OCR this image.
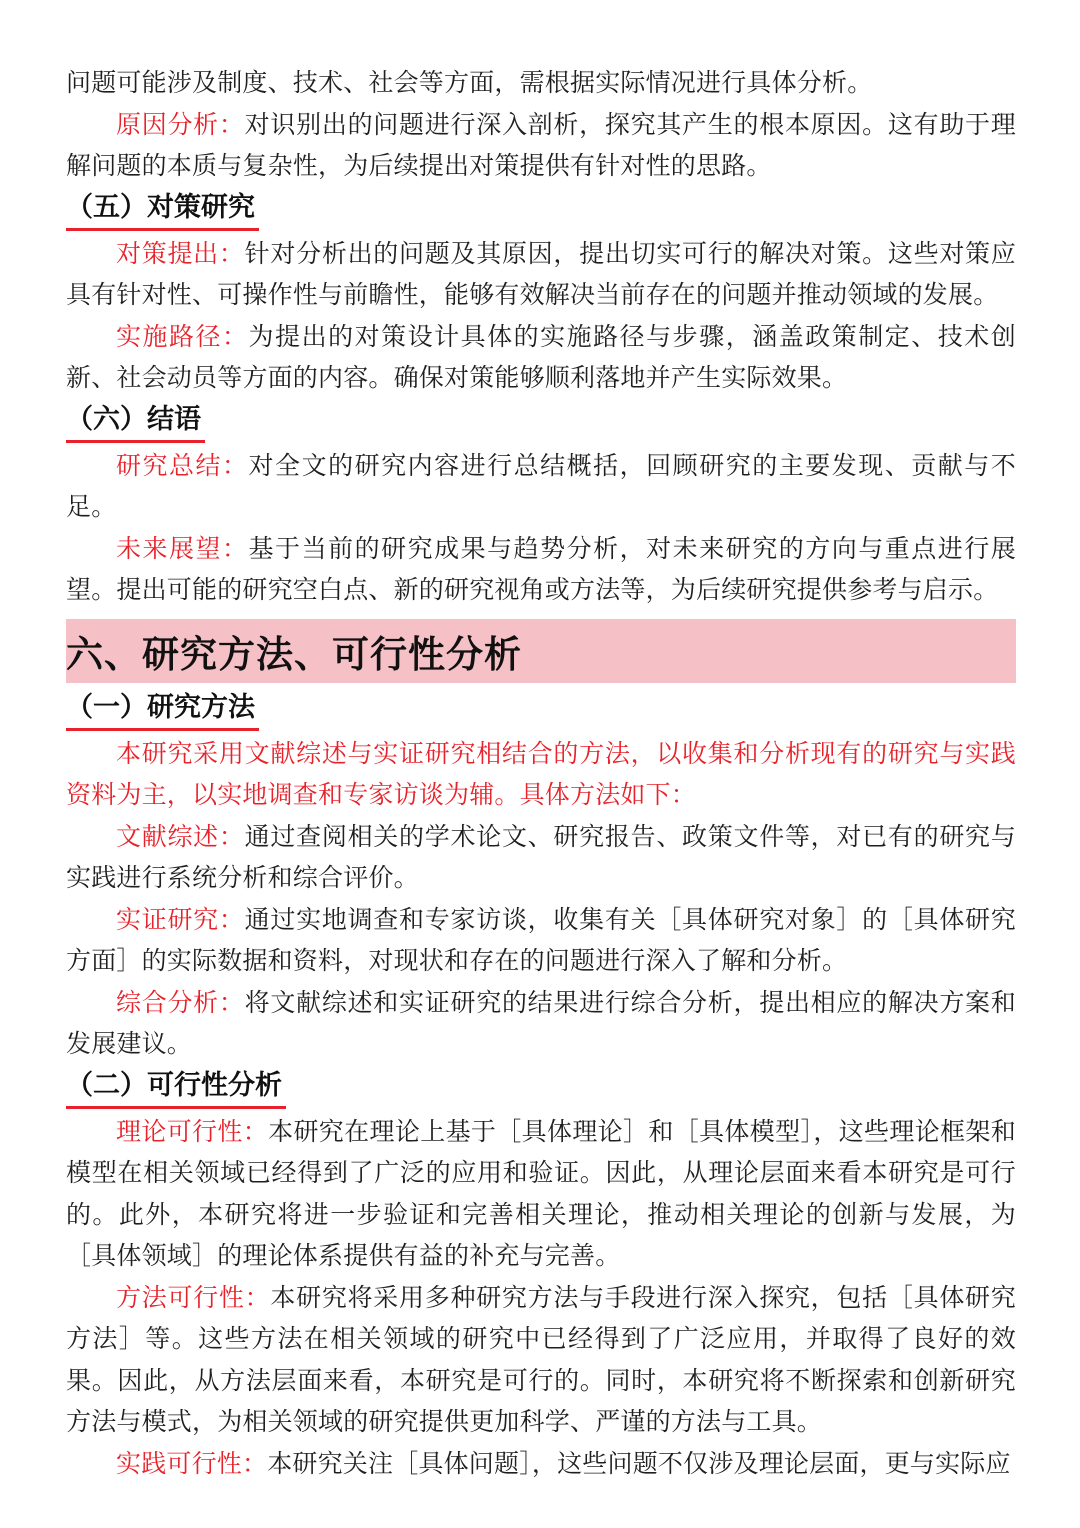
问题可能涉及制度、技术、社会等方面，需根据实际情况进行具体分析。

原因分析：对识别出的问题进行深入剖析，探究其产生的根本原因。这有助于理解问题的本质与复杂性，为后续提出对策提供有针对性的思路。

（五）对策研究

对策提出：针对分析出的问题及其原因，提出切实可行的解决对策。这些对策应具有针对性、可操作性与前瞻性，能够有效解决当前存在的问题并推动领域的发展。

实施路径：为提出的对策设计具体的实施路径与步骤，涵盖政策制定、技术创新、社会动员等方面的内容。确保对策能够顺利落地并产生实际效果。

（六）结语

研究总结：对全文的研究内容进行总结概括，回顾研究的主要发现、贡献与不足。

未来展望：基于当前的研究成果与趋势分析，对未来研究的方向与重点进行展望。提出可能的研究空白点、新的研究视角或方法等，为后续研究提供参考与启示。

六、研究方法、可行性分析
（一）研究方法

本研究采用文献综述与实证研究相结合的方法，以收集和分析现有的研究与实践资料为主，以实地调查和专家访谈为辅。具体方法如下：

文献综述：通过查阅相关的学术论文、研究报告、政策文件等，对已有的研究与实践进行系统分析和综合评价。

实证研究：通过实地调查和专家访谈，收集有关［具体研究对象］的［具体研究方面］的实际数据和资料，对现状和存在的问题进行深入了解和分析。

综合分析：将文献综述和实证研究的结果进行综合分析，提出相应的解决方案和发展建议。

（二）可行性分析

理论可行性：本研究在理论上基于［具体理论］和［具体模型］，这些理论框架和模型在相关领域已经得到了广泛的应用和验证。因此，从理论层面来看本研究是可行的。此外，本研究将进一步验证和完善相关理论，推动相关理论的创新与发展，为［具体领域］的理论体系提供有益的补充与完善。

方法可行性：本研究将采用多种研究方法与手段进行深入探究，包括［具体研究方法］等。这些方法在相关领域的研究中已经得到了广泛应用，并取得了良好的效果。因此，从方法层面来看，本研究是可行的。同时，本研究将不断探索和创新研究方法与模式，为相关领域的研究提供更加科学、严谨的方法与工具。

实践可行性：本研究关注［具体问题］，这些问题不仅涉及理论层面，更与实际应
